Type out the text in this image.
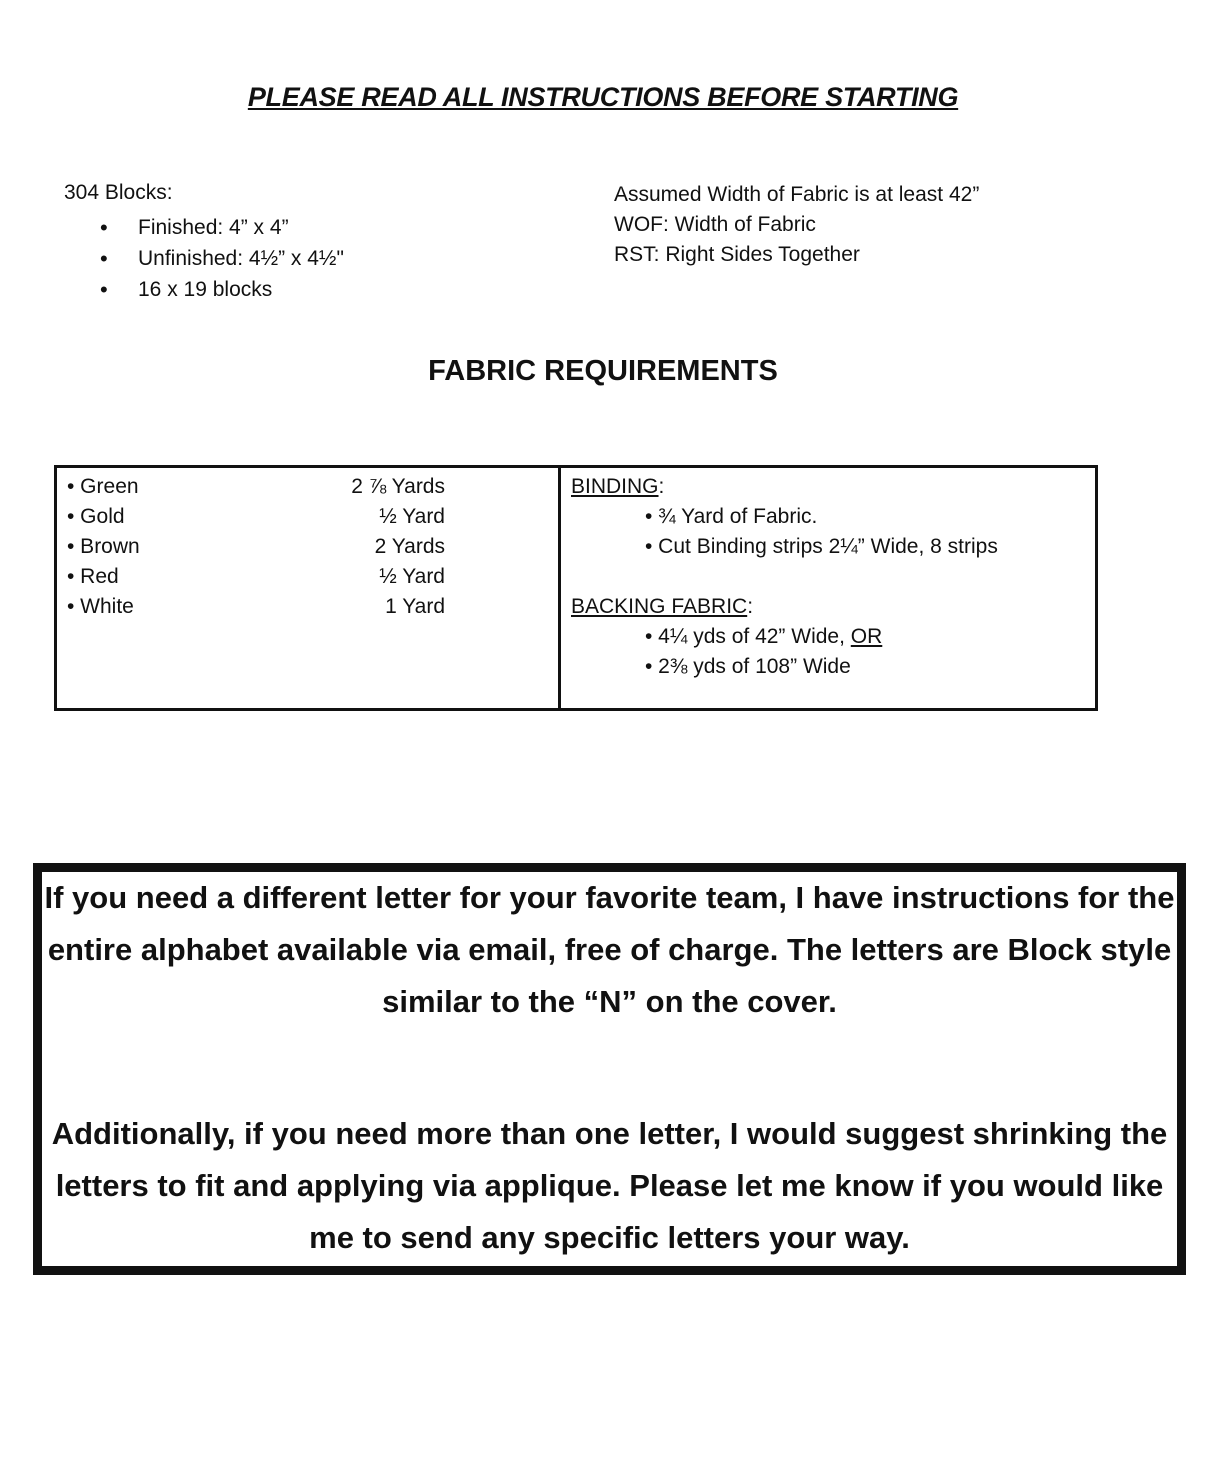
PLEASE READ ALL INSTRUCTIONS BEFORE STARTING
304 Blocks:
• Finished: 4” x 4”
• Unfinished: 4½” x 4½"
• 16 x 19 blocks
Assumed Width of Fabric is at least 42”
WOF: Width of Fabric
RST: Right Sides Together
FABRIC REQUIREMENTS
• Green	2 ⅞ Yards
• Gold	½ Yard
• Brown	2 Yards
• Red	½ Yard
• White	1 Yard
BINDING:
• ¾ Yard of Fabric.
• Cut Binding strips 2¼” Wide, 8 strips
BACKING FABRIC:
• 4¼ yds of 42” Wide, OR
• 2⅜ yds of 108” Wide

If you need a different letter for your favorite team, I have instructions for the entire alphabet available via email, free of charge. The letters are Block style similar to the “N” on the cover.

Additionally, if you need more than one letter, I would suggest shrinking the letters to fit and applying via applique. Please let me know if you would like me to send any specific letters your way.
